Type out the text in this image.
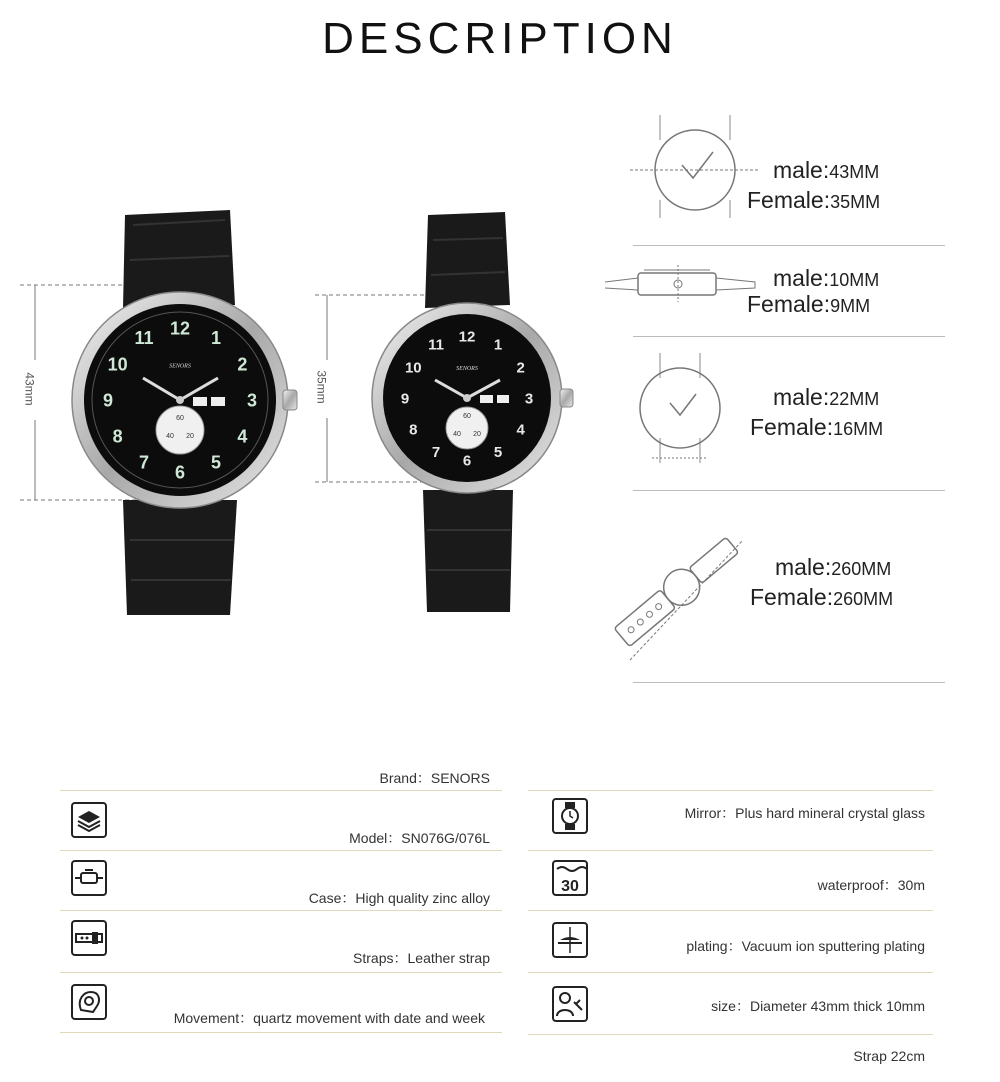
DESCRIPTION
12 1
2
3
4
5
6
7
8
9
10
11
SENORS
60
40 20
12 1
2
3
4
5
6
7
8
9
10
11
SENORS
60
40 20
43mm	35mm
male:43MM
Female:35MM
male:10MM
Female:9MM
male:22MM
Female:16MM
male:260MM
Female:260MM
Brand：SENORS
Model：SN076G/076L
Case：High quality zinc alloy
Straps：Leather strap
Movement：quartz movement with date and week
Mirror：Plus hard mineral crystal glass
30	waterproof：30m
plating：Vacuum ion sputtering plating
size：Diameter 43mm thick 10mm
Strap 22cm
